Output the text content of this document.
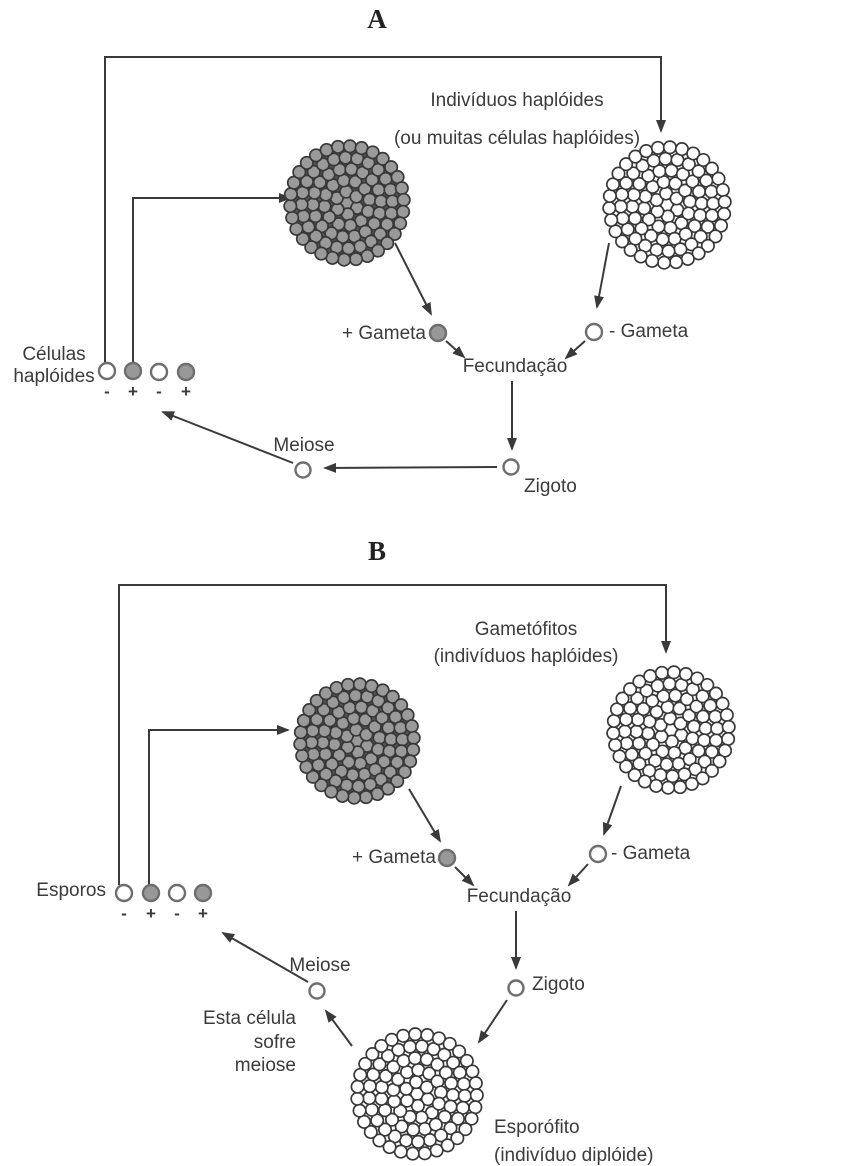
A
Indivíduos haplóides
(ou muitas células haplóides)
Células
haplóides
-	+	-	+
+ Gameta	- Gameta
Fecundação
Zigoto
Meiose
B
Gametófitos
(indivíduos haplóides)
Esporos
-	+	-	+
+ Gameta	- Gameta
Fecundação
Zigoto
Meiose
Esta célula
sofre
meiose
Esporófito
(indivíduo diplóide)
